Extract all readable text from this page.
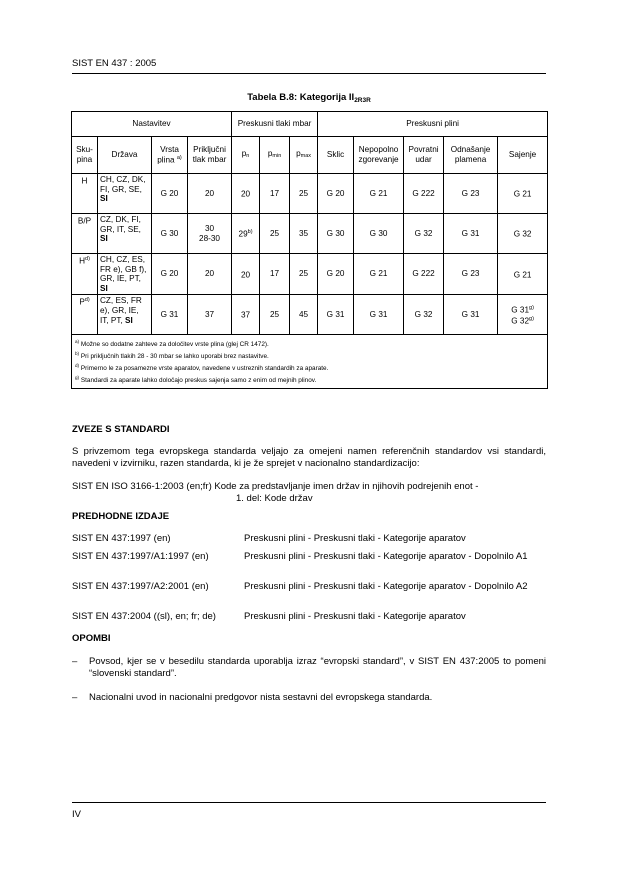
SIST EN 437 : 2005
Tabela B.8: Kategorija $II_{2R3R}$
Nastavitev				Preskusni tlaki mbar			Preskusni plini				
Sku-pina	Država	Vrsta plina $^{a)}$	Priključni tlak mbar	pn	pmin	pmax	Sklic	Nepopolno zgorevanje	Povratni udar	Odnašanje plamena	Sajenje
H	CH, CZ, DK, FI, GR, SE, SI	G 20	20	20	17	25	G 20	G 21	G 222	G 23	G 21

B/P	CZ, DK, FI, GR, IT, SE, SI	G 30	30
28-30	29$^{b)}$	25	35	G 30	G 30	G 32	G 31	G 32

$H^{d)}$	CH, CZ, ES, FR e), GB f), GR, IE, PT, SI	G 20	20	20	17	25	G 20	G 21	G 222	G 23	G 21

$P^{d)}$	CZ, ES, FR e), GR, IE, IT, PT, SI	G 31	37	37	25	45	G 31	G 31	G 32	G 31	G 31$^{g)}$
G 32$^{g)}$

$^{a)}$ Možne so dodatne zahteve za določitev vrste plina (glej CR 1472).
$^{b)}$ Pri priključnih tlakih 28 - 30 mbar se lahko uporabi brez nastavitve.
$^{d)}$ Primerno le za posamezne vrste aparatov, navedene v ustreznih standardih za aparate.
$^{g)}$ Standardi za aparate lahko določajo preskus sajenja samo z enim od mejnih plinov.											
ZVEZE S STANDARDI
S privzemom tega evropskega standarda veljajo za omejeni namen referenčnih standardov vsi standardi, navedeni v izvirniku, razen standarda, ki je že sprejet v nacionalno standardizacijo:
SIST EN ISO 3166-1:2003 (en;fr) Kode za predstavljanje imen držav in njihovih podrejenih enot -
1. del: Kode držav
PREDHODNE IZDAJE
SIST EN 437:1997 (en)	Preskusni plini - Preskusni tlaki - Kategorije aparatov
SIST EN 437:1997/A1:1997 (en)	Preskusni plini - Preskusni tlaki - Kategorije aparatov - Dopolnilo A1
SIST EN 437:1997/A2:2001 (en)	Preskusni plini - Preskusni tlaki - Kategorije aparatov - Dopolnilo A2
SIST EN 437:2004 ((sl), en; fr; de)	Preskusni plini - Preskusni tlaki - Kategorije aparatov
OPOMBI
– Povsod, kjer se v besedilu standarda uporablja izraz “evropski standard”, v SIST EN 437:2005 to pomeni “slovenski standard”.
– Nacionalni uvod in nacionalni predgovor nista sestavni del evropskega standarda.
IV
